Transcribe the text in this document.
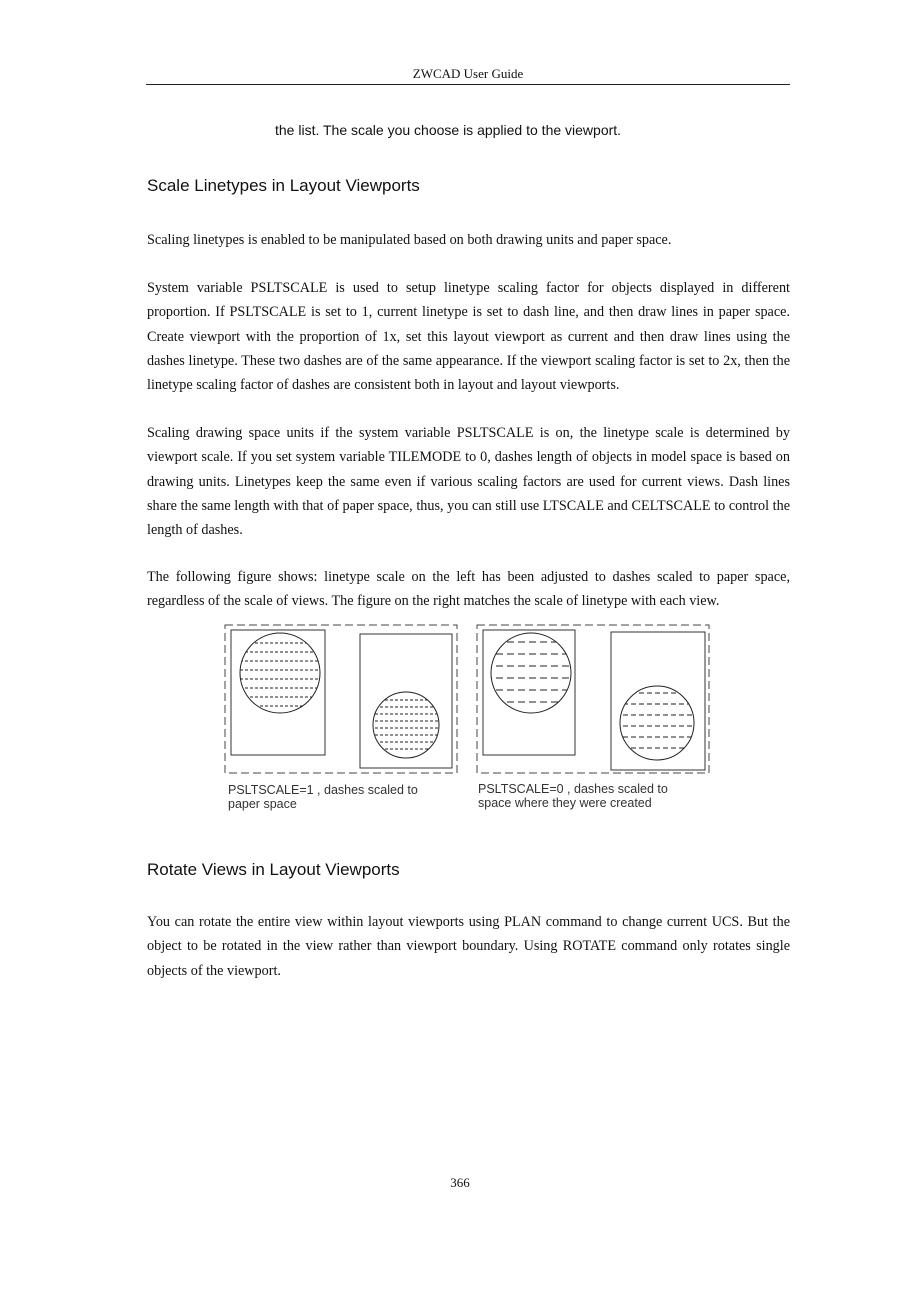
ZWCAD User Guide
the list. The scale you choose is applied to the viewport.
Scale Linetypes in Layout Viewports

Scaling linetypes is enabled to be manipulated based on both drawing units and paper space.

System variable PSLTSCALE is used to setup linetype scaling factor for objects displayed in different proportion. If PSLTSCALE is set to 1, current linetype is set to dash line, and then draw lines in paper space. Create viewport with the proportion of 1x, set this layout viewport as current and then draw lines using the dashes linetype. These two dashes are of the same appearance. If the viewport scaling factor is set to 2x, then the linetype scaling factor of dashes are consistent both in layout and layout viewports.

Scaling drawing space units if the system variable PSLTSCALE is on, the linetype scale is determined by viewport scale. If you set system variable TILEMODE to 0, dashes length of objects in model space is based on drawing units. Linetypes keep the same even if various scaling factors are used for current views. Dash lines share the same length with that of paper space, thus, you can still use LTSCALE and CELTSCALE to control the length of dashes.

The following figure shows: linetype scale on the left has been adjusted to dashes scaled to paper space, regardless of the scale of views. The figure on the right matches the scale of linetype with each view.

PSLTSCALE=1 , dashes scaled to
paper space
PSLTSCALE=0 , dashes scaled to
space where they were created
Rotate Views in Layout Viewports

You can rotate the entire view within layout viewports using PLAN command to change current UCS. But the object to be rotated in the view rather than viewport boundary. Using ROTATE command only rotates single objects of the viewport.

366
